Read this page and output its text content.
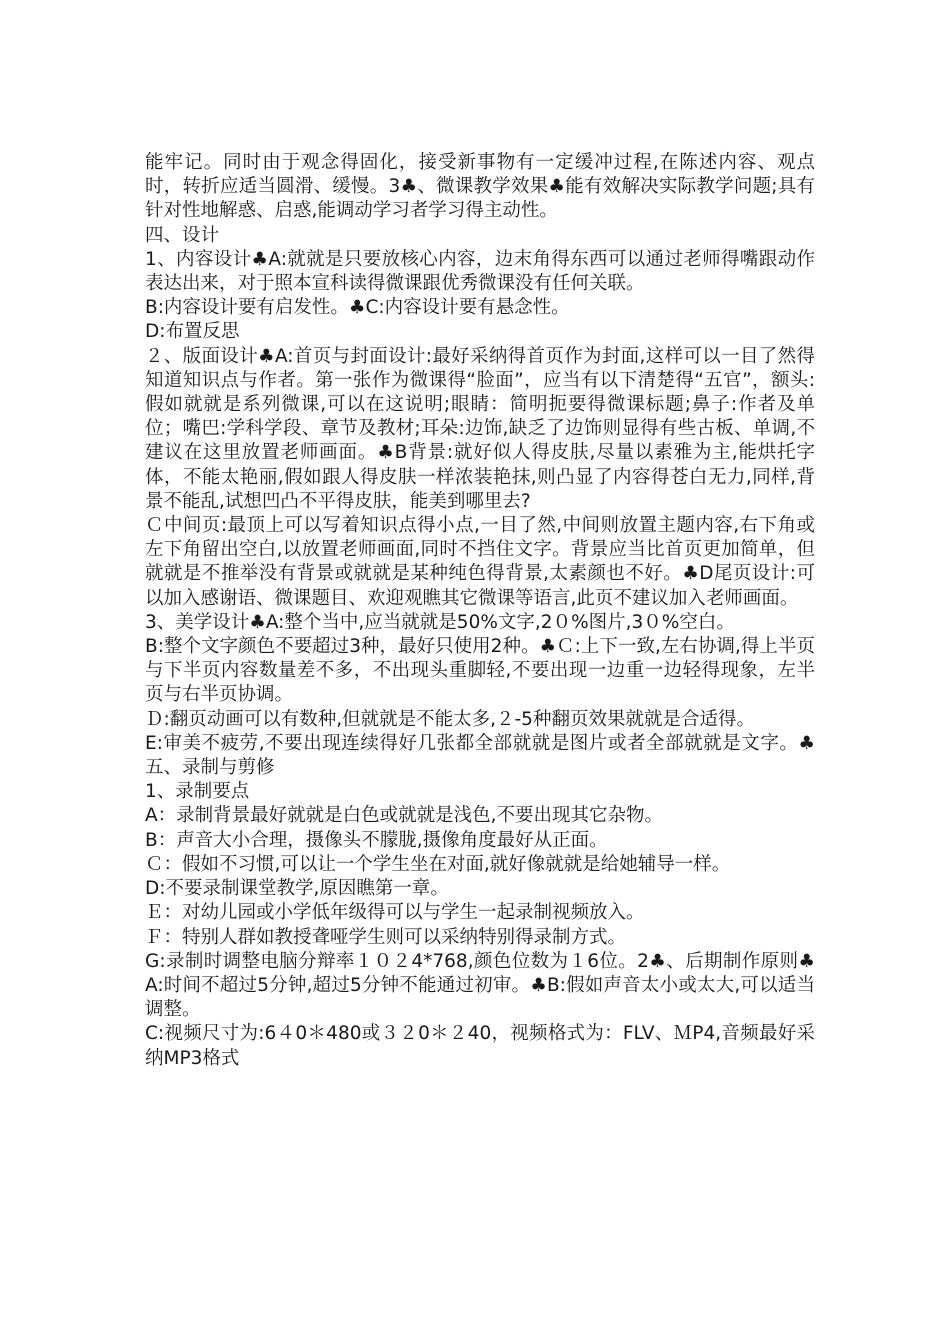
能牢记。同时由于观念得固化，接受新事物有一定缓冲过程,在陈述内容、观点时，转折应适当圆滑、缓慢。3♣、微课教学效果♣能有效解决实际教学问题;具有针对性地解惑、启惑,能调动学习者学习得主动性。

四、设计

1、内容设计♣A:就就是只要放核心内容，边末角得东西可以通过老师得嘴跟动作表达出来，对于照本宣科读得微课跟优秀微课没有任何关联。

B:内容设计要有启发性。♣C:内容设计要有悬念性。

D:布置反思

２、版面设计♣A:首页与封面设计:最好采纳得首页作为封面,这样可以一目了然得知道知识点与作者。第一张作为微课得“脸面”，应当有以下清楚得“五官”，额头:假如就就是系列微课,可以在这说明;眼睛：简明扼要得微课标题;鼻子:作者及单位；嘴巴:学科学段、章节及教材;耳朵:边饰,缺乏了边饰则显得有些古板、单调,不建议在这里放置老师画面。♣B背景:就好似人得皮肤,尽量以素雅为主,能烘托字体，不能太艳丽,假如跟人得皮肤一样浓装艳抹,则凸显了内容得苍白无力,同样,背景不能乱,试想凹凸不平得皮肤，能美到哪里去?

Ｃ中间页:最顶上可以写着知识点得小点,一目了然,中间则放置主题内容,右下角或左下角留出空白,以放置老师画面,同时不挡住文字。背景应当比首页更加简单，但就就是不推举没有背景或就就是某种纯色得背景,太素颜也不好。♣D尾页设计:可以加入感谢语、微课题目、欢迎观瞧其它微课等语言,此页不建议加入老师画面。

3、美学设计♣A:整个当中,应当就就是50%文字,2０%图片,3０%空白。

B:整个文字颜色不要超过3种，最好只使用2种。♣Ｃ:上下一致,左右协调,得上半页与下半页内容数量差不多，不出现头重脚轻,不要出现一边重一边轻得现象，左半页与右半页协调。

Ｄ:翻页动画可以有数种,但就就是不能太多,２-5种翻页效果就就是合适得。

E:审美不疲劳,不要出现连续得好几张都全部就就是图片或者全部就就是文字。♣五、录制与剪修

1、录制要点

A：录制背景最好就就是白色或就就是浅色,不要出现其它杂物。

B：声音大小合理，摄像头不朦胧,摄像角度最好从正面。

Ｃ：假如不习惯,可以让一个学生坐在对面,就好像就就是给她辅导一样。

D:不要录制课堂教学,原因瞧第一章。

Ｅ：对幼儿园或小学低年级得可以与学生一起录制视频放入。

Ｆ：特别人群如教授聋哑学生则可以采纳特别得录制方式。

G:录制时调整电脑分辩率１０２4*768,颜色位数为１6位。2♣、后期制作原则♣A:时间不超过5分钟,超过5分钟不能通过初审。♣B:假如声音太小或太大,可以适当调整。

C:视频尺寸为:6４0＊480或３２0＊２40，视频格式为：FLV、ＭP4,音频最好采纳MP3格式
